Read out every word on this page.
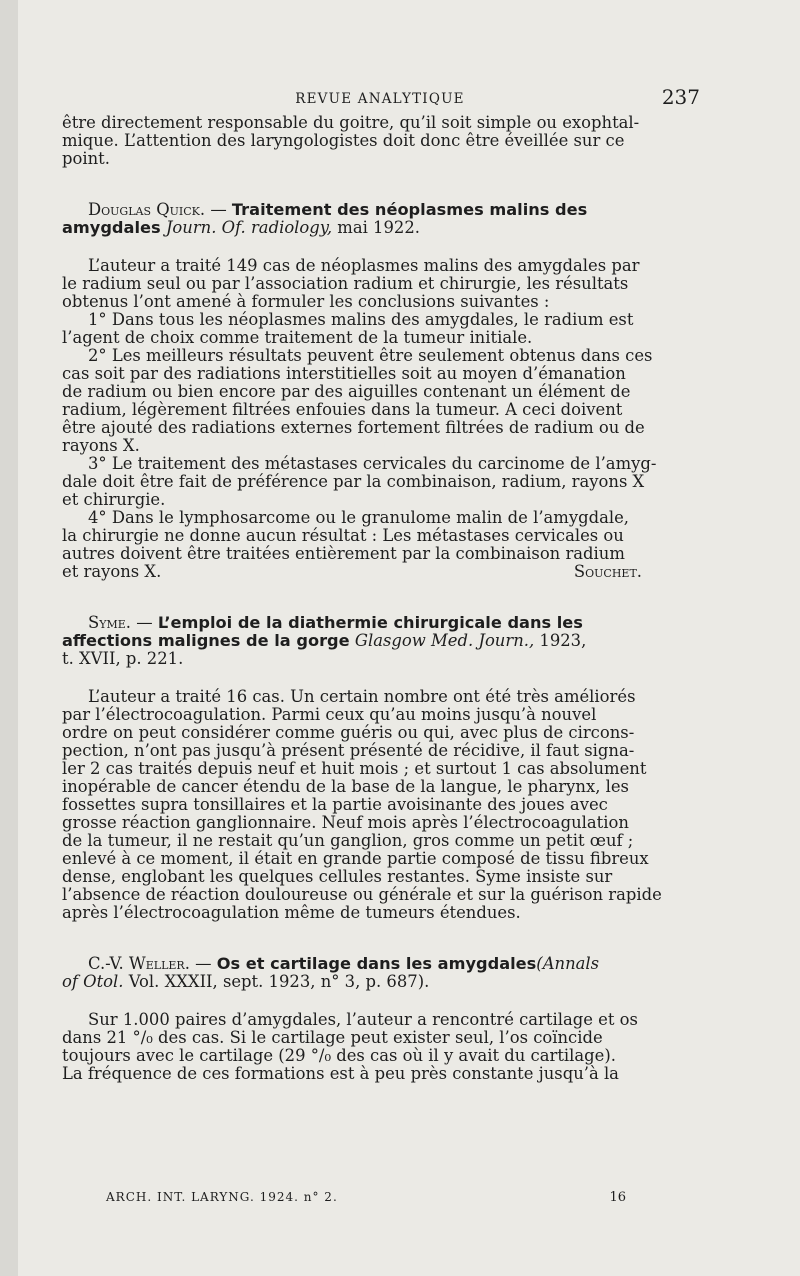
REVUE ANALYTIQUE	237

être directement responsable du goitre, qu’il soit simple ou exophtal-
mique. L’attention des laryngologistes doit donc être éveillée sur ce
point.

Douglas Quick. — Traitement des néoplasmes malins des
amygdales Journ. Of. radiology, mai 1922.

L’auteur a traité 149 cas de néoplasmes malins des amygdales par
le radium seul ou par l’association radium et chirurgie, les résultats
obtenus l’ont amené à formuler les conclusions suivantes :

1° Dans tous les néoplasmes malins des amygdales, le radium est
l’agent de choix comme traitement de la tumeur initiale.

2° Les meilleurs résultats peuvent être seulement obtenus dans ces
cas soit par des radiations interstitielles soit au moyen d’émanation
de radium ou bien encore par des aiguilles contenant un élément de
radium, légèrement filtrées enfouies dans la tumeur. A ceci doivent
être ajouté des radiations externes fortement filtrées de radium ou de
rayons X.

3° Le traitement des métastases cervicales du carcinome de l’amyg-
dale doit être fait de préférence par la combinaison, radium, rayons X
et chirurgie.

4° Dans le lymphosarcome ou le granulome malin de l’amygdale,
la chirurgie ne donne aucun résultat : Les métastases cervicales ou
autres doivent être traitées entièrement par la combinaison radium

et rayons X.	Souchet.

Syme. — L’emploi de la diathermie chirurgicale dans les
affections malignes de la gorge Glasgow Med. Journ., 1923,
t. XVII, p. 221.

L’auteur a traité 16 cas. Un certain nombre ont été très améliorés
par l’électrocoagulation. Parmi ceux qu’au moins jusqu’à nouvel
ordre on peut considérer comme guéris ou qui, avec plus de circons-
pection, n’ont pas jusqu’à présent présenté de récidive, il faut signa-
ler 2 cas traités depuis neuf et huit mois ; et surtout 1 cas absolument
inopérable de cancer étendu de la base de la langue, le pharynx, les
fossettes supra tonsillaires et la partie avoisinante des joues avec
grosse réaction ganglionnaire. Neuf mois après l’électrocoagulation
de la tumeur, il ne restait qu’un ganglion, gros comme un petit œuf ;
enlevé à ce moment, il était en grande partie composé de tissu fibreux
dense, englobant les quelques cellules restantes. Syme insiste sur
l’absence de réaction douloureuse ou générale et sur la guérison rapide
après l’électrocoagulation même de tumeurs étendues.

C.-V. Weller. — Os et cartilage dans les amygdales(Annals
of Otol. Vol. XXXII, sept. 1923, n° 3, p. 687).

Sur 1.000 paires d’amygdales, l’auteur a rencontré cartilage et os
dans 21 °/₀ des cas. Si le cartilage peut exister seul, l’os coïncide
toujours avec le cartilage (29 °/₀ des cas où il y avait du cartilage).
La fréquence de ces formations est à peu près constante jusqu’à la

ARCH. INT. LARYNG. 1924. n° 2.	16
